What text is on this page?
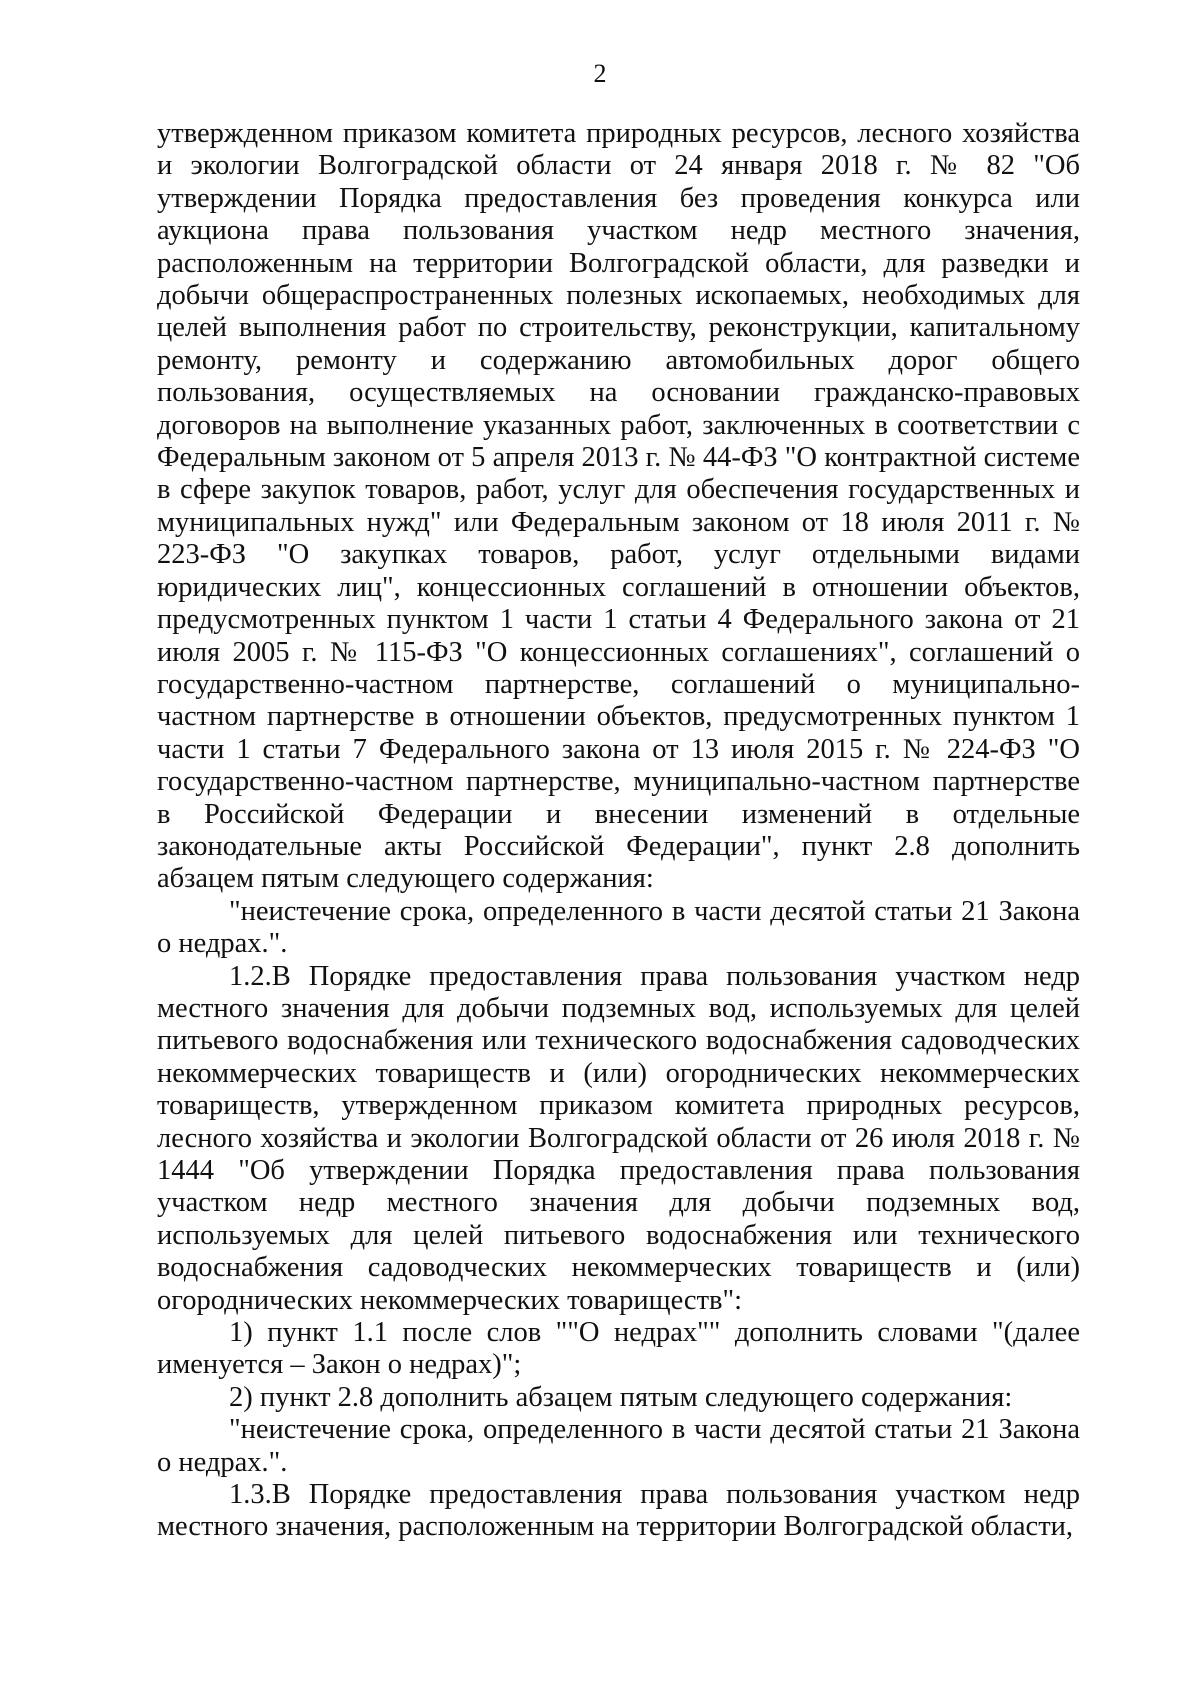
2

утвержденном приказом комитета природных ресурсов, лесного хозяйства и экологии Волгоградской области от 24 января 2018 г. № 82 "Об утверждении Порядка предоставления без проведения конкурса или аукциона права пользования участком недр местного значения, расположенным на территории Волгоградской области, для разведки и добычи общераспространенных полезных ископаемых, необходимых для целей выполнения работ по строительству, реконструкции, капитальному ремонту, ремонту и содержанию автомобильных дорог общего пользования, осуществляемых на основании гражданско-правовых договоров на выполнение указанных работ, заключенных в соответствии с Федеральным законом от 5 апреля 2013 г. № 44-ФЗ "О контрактной системе в сфере закупок товаров, работ, услуг для обеспечения государственных и муниципальных нужд" или Федеральным законом от 18 июля 2011 г. № 223-ФЗ "О закупках товаров, работ, услуг отдельными видами юридических лиц", концессионных соглашений в отношении объектов, предусмотренных пунктом 1 части 1 статьи 4 Федерального закона от 21 июля 2005 г. № 115-ФЗ "О концессионных соглашениях", соглашений о государственно-частном партнерстве, соглашений о муниципально-частном партнерстве в отношении объектов, предусмотренных пунктом 1 части 1 статьи 7 Федерального закона от 13 июля 2015 г. № 224-ФЗ "О государственно-частном партнерстве, муниципально-частном партнерстве в Российской Федерации и внесении изменений в отдельные законодательные акты Российской Федерации", пункт 2.8 дополнить абзацем пятым следующего содержания:

"неистечение срока, определенного в части десятой статьи 21 Закона о недрах.".

1.2.В Порядке предоставления права пользования участком недр местного значения для добычи подземных вод, используемых для целей питьевого водоснабжения или технического водоснабжения садоводческих некоммерческих товариществ и (или) огороднических некоммерческих товариществ, утвержденном приказом комитета природных ресурсов, лесного хозяйства и экологии Волгоградской области от 26 июля 2018 г. № 1444 "Об утверждении Порядка предоставления права пользования участком недр местного значения для добычи подземных вод, используемых для целей питьевого водоснабжения или технического водоснабжения садоводческих некоммерческих товариществ и (или) огороднических некоммерческих товариществ":

1) пункт 1.1 после слов ""О недрах"" дополнить словами "(далее именуется – Закон о недрах)";

2) пункт 2.8 дополнить абзацем пятым следующего содержания:

"неистечение срока, определенного в части десятой статьи 21 Закона о недрах.".

1.3.В Порядке предоставления права пользования участком недр местного значения, расположенным на территории Волгоградской области,
